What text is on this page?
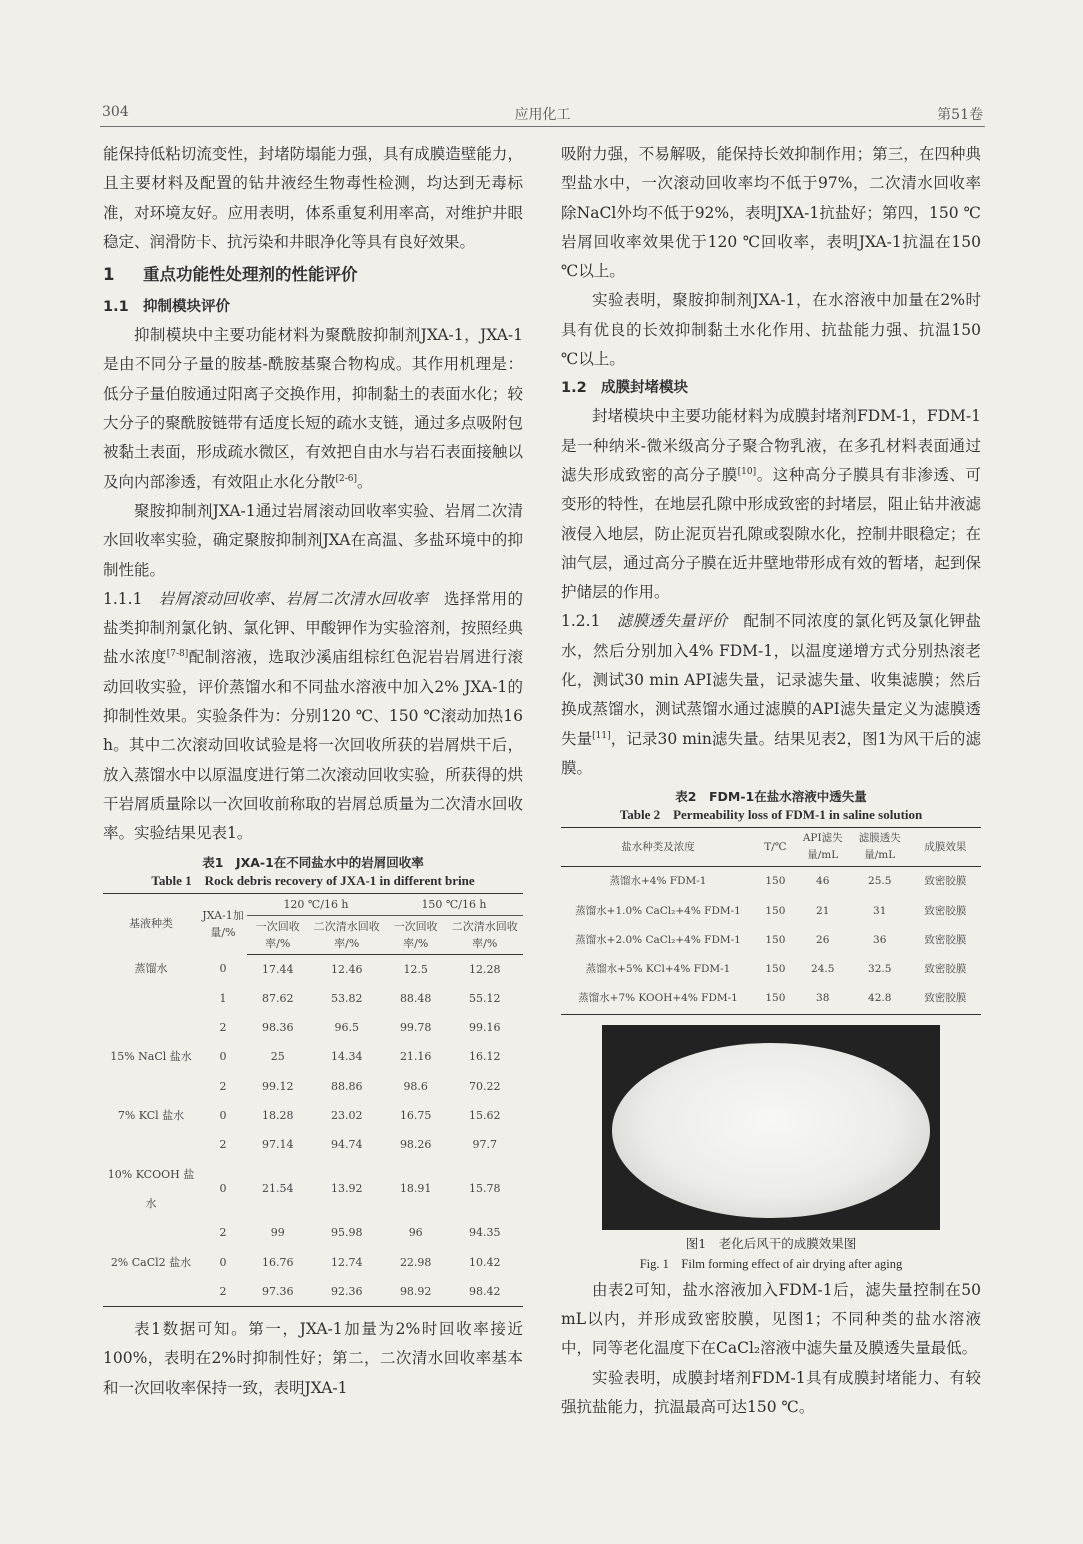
304	应用化工	第51卷

能保持低粘切流变性，封堵防塌能力强，具有成膜造壁能力，且主要材料及配置的钻井液经生物毒性检测，均达到无毒标准，对环境友好。应用表明，体系重复利用率高，对维护井眼稳定、润滑防卡、抗污染和井眼净化等具有良好效果。

1 重点功能性处理剂的性能评价

1.1 抑制模块评价

抑制模块中主要功能材料为聚酰胺抑制剂JXA-1，JXA-1是由不同分子量的胺基-酰胺基聚合物构成。其作用机理是：低分子量伯胺通过阳离子交换作用，抑制黏土的表面水化；较大分子的聚酰胺链带有适度长短的疏水支链，通过多点吸附包被黏土表面，形成疏水微区，有效把自由水与岩石表面接触以及向内部渗透，有效阻止水化分散[2-6]。

聚胺抑制剂JXA-1通过岩屑滚动回收率实验、岩屑二次清水回收率实验，确定聚胺抑制剂JXA在高温、多盐环境中的抑制性能。

1.1.1　 岩屑滚动回收率、岩屑二次清水回收率　 选择常用的盐类抑制剂氯化钠、氯化钾、甲酸钾作为实验溶剂，按照经典盐水浓度[7-8]配制溶液，选取沙溪庙组棕红色泥岩岩屑进行滚动回收实验，评价蒸馏水和不同盐水溶液中加入2% JXA-1的抑制性效果。实验条件为：分别120 ℃、150 ℃滚动加热16 h。其中二次滚动回收试验是将一次回收所获的岩屑烘干后，放入蒸馏水中以原温度进行第二次滚动回收实验，所获得的烘干岩屑质量除以一次回收前称取的岩屑总质量为二次清水回收率。实验结果见表1。

表1　JXA-1在不同盐水中的岩屑回收率
Table 1　Rock debris recovery of JXA-1 in different brine
基液种类	JXA-1加量/%	120 ℃/16 h		150 ℃/16 h	
		一次回收率/%	二次清水回收率/%	一次回收率/%	二次清水回收率/%
蒸馏水	0	17.44	12.46	12.5	12.28
	1	87.62	53.82	88.48	55.12
	2	98.36	96.5	99.78	99.16
15% NaCl 盐水	0	25	14.34	21.16	16.12
	2	99.12	88.86	98.6	70.22
7% KCl 盐水	0	18.28	23.02	16.75	15.62
	2	97.14	94.74	98.26	97.7
10% KCOOH 盐水	0	21.54	13.92	18.91	15.78
	2	99	95.98	96	94.35
2% CaCl2 盐水	0	16.76	12.74	22.98	10.42
	2	97.36	92.36	98.92	98.42

表1数据可知。第一，JXA-1加量为2%时回收率接近100%，表明在2%时抑制性好；第二，二次清水回收率基本和一次回收率保持一致，表明JXA-1

吸附力强，不易解吸，能保持长效抑制作用；第三，在四种典型盐水中，一次滚动回收率均不低于97%，二次清水回收率除NaCl外均不低于92%，表明JXA-1抗盐好；第四，150 ℃岩屑回收率效果优于120 ℃回收率，表明JXA-1抗温在150 ℃以上。

实验表明，聚胺抑制剂JXA-1，在水溶液中加量在2%时具有优良的长效抑制黏土水化作用、抗盐能力强、抗温150 ℃以上。

1.2 成膜封堵模块

封堵模块中主要功能材料为成膜封堵剂FDM-1，FDM-1是一种纳米-微米级高分子聚合物乳液，在多孔材料表面通过滤失形成致密的高分子膜[10]。这种高分子膜具有非渗透、可变形的特性，在地层孔隙中形成致密的封堵层，阻止钻井液滤液侵入地层，防止泥页岩孔隙或裂隙水化，控制井眼稳定；在油气层，通过高分子膜在近井壁地带形成有效的暂堵，起到保护储层的作用。

1.2.1　 滤膜透失量评价　 配制不同浓度的氯化钙及氯化钾盐水，然后分别加入4% FDM-1，以温度递增方式分别热滚老化，测试30 min API滤失量，记录滤失量、收集滤膜；然后换成蒸馏水，测试蒸馏水通过滤膜的API滤失量定义为滤膜透失量[11]，记录30 min滤失量。结果见表2，图1为风干后的滤膜。

表2　FDM-1在盐水溶液中透失量
Table 2　Permeability loss of FDM-1 in saline solution
盐水种类及浓度	T/℃	API滤失量/mL	滤膜透失量/mL	成膜效果
蒸馏水+4% FDM-1	150	46	25.5	致密胶膜
蒸馏水+1.0% CaCl₂+4% FDM-1	150	21	31	致密胶膜
蒸馏水+2.0% CaCl₂+4% FDM-1	150	26	36	致密胶膜
蒸馏水+5% KCl+4% FDM-1	150	24.5	32.5	致密胶膜
蒸馏水+7% KOOH+4% FDM-1	150	38	42.8	致密胶膜
图1　老化后风干的成膜效果图
Fig. 1　Film forming effect of air drying after aging

由表2可知，盐水溶液加入FDM-1后，滤失量控制在50 mL以内，并形成致密胶膜，见图1；不同种类的盐水溶液中，同等老化温度下在CaCl₂溶液中滤失量及膜透失量最低。

实验表明，成膜封堵剂FDM-1具有成膜封堵能力、有较强抗盐能力，抗温最高可达150 ℃。
